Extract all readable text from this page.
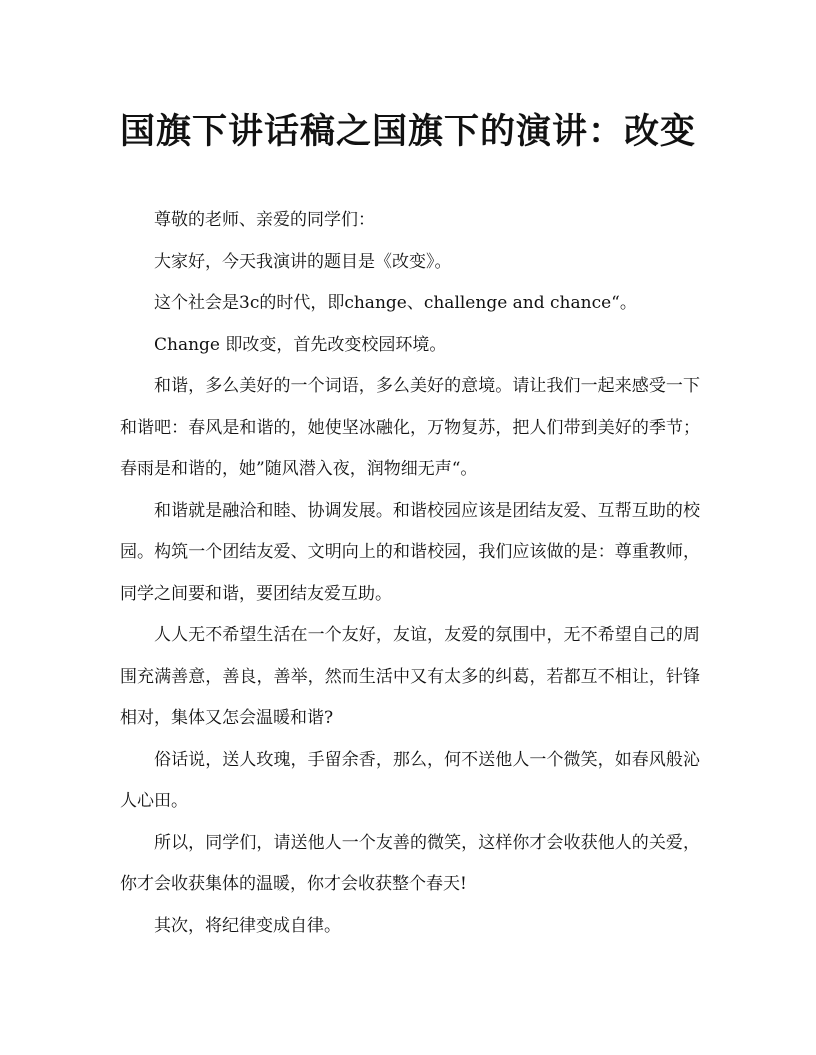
国旗下讲话稿之国旗下的演讲：改变

尊敬的老师、亲爱的同学们：

大家好，今天我演讲的题目是《改变》。

这个社会是3c的时代，即change、challenge and chance“。

Change 即改变，首先改变校园环境。

和谐，多么美好的一个词语，多么美好的意境。请让我们一起来感受一下和谐吧：春风是和谐的，她使坚冰融化，万物复苏，把人们带到美好的季节；春雨是和谐的，她”随风潜入夜，润物细无声“。

和谐就是融洽和睦、协调发展。和谐校园应该是团结友爱、互帮互助的校园。构筑一个团结友爱、文明向上的和谐校园，我们应该做的是：尊重教师，同学之间要和谐，要团结友爱互助。

人人无不希望生活在一个友好，友谊，友爱的氛围中，无不希望自己的周围充满善意，善良，善举，然而生活中又有太多的纠葛，若都互不相让，针锋相对，集体又怎会温暖和谐?

俗话说，送人玫瑰，手留余香，那么，何不送他人一个微笑，如春风般沁人心田。

所以，同学们，请送他人一个友善的微笑，这样你才会收获他人的关爱，你才会收获集体的温暖，你才会收获整个春天!

其次，将纪律变成自律。
